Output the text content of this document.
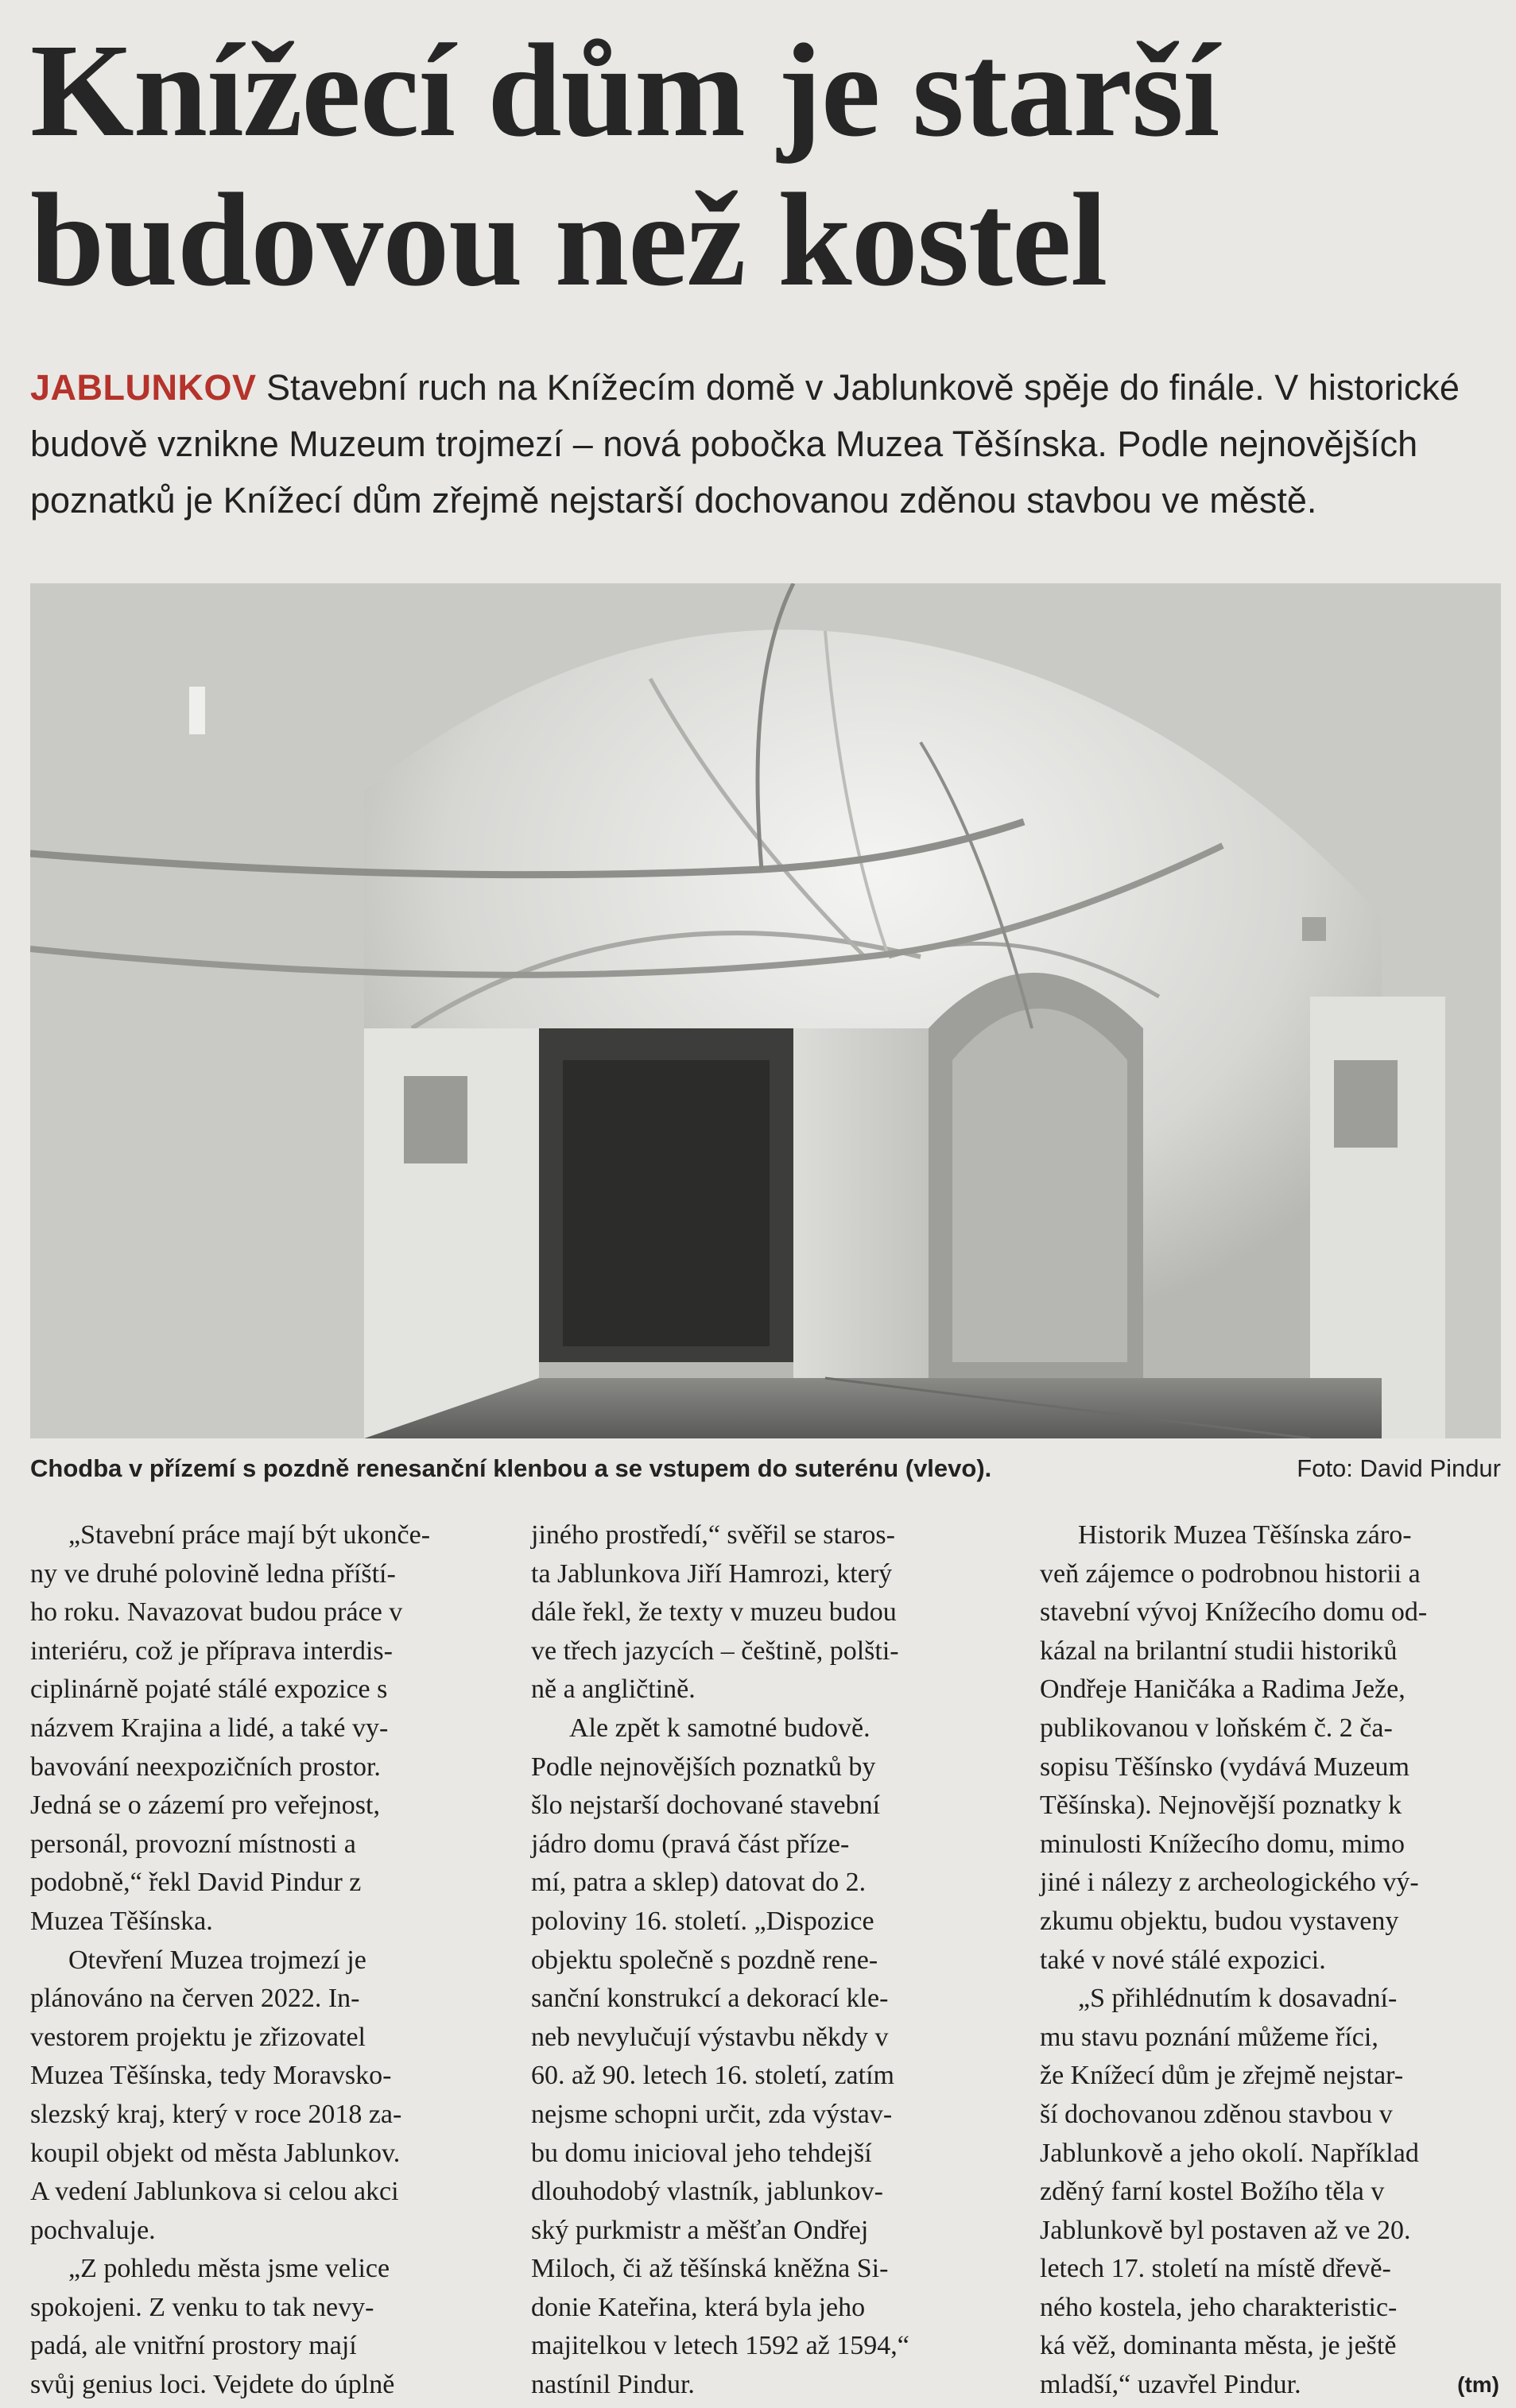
Knížecí dům je starší
budovou než kostel

JABLUNKOV Stavební ruch na Knížecím domě v Jablunkově spěje do finále. V historické
budově vznikne Muzeum trojmezí – nová pobočka Muzea Těšínska. Podle nejnovějších
poznatků je Knížecí dům zřejmě nejstarší dochovanou zděnou stavbou ve městě.

Chodba v přízemí s pozdně renesanční klenbou a se vstupem do suterénu (vlevo).	Foto: David Pindur
„Stavební práce mají být ukonče-
ny ve druhé polovině ledna příští-
ho roku. Navazovat budou práce v
interiéru, což je příprava interdis-
ciplinárně pojaté stálé expozice s
názvem Krajina a lidé, a také vy-
bavování neexpozičních prostor.
Jedná se o zázemí pro veřejnost,
personál, provozní místnosti a
podobně,“ řekl David Pindur z
Muzea Těšínska.
Otevření Muzea trojmezí je
plánováno na červen 2022. In-
vestorem projektu je zřizovatel
Muzea Těšínska, tedy Moravsko-
slezský kraj, který v roce 2018 za-
koupil objekt od města Jablunkov.
A vedení Jablunkova si celou akci
pochvaluje.
„Z pohledu města jsme velice
spokojeni. Z venku to tak nevy-
padá, ale vnitřní prostory mají
svůj genius loci. Vejdete do úplně
jiného prostředí,“ svěřil se staros-
ta Jablunkova Jiří Hamrozi, který
dále řekl, že texty v muzeu budou
ve třech jazycích – češtině, polšti-
ně a angličtině.
Ale zpět k samotné budově.
Podle nejnovějších poznatků by
šlo nejstarší dochované stavební
jádro domu (pravá část příze-
mí, patra a sklep) datovat do 2.
poloviny 16. století. „Dispozice
objektu společně s pozdně rene-
sanční konstrukcí a dekorací kle-
neb nevylučují výstavbu někdy v
60. až 90. letech 16. století, zatím
nejsme schopni určit, zda výstav-
bu domu inicioval jeho tehdejší
dlouhodobý vlastník, jablunkov-
ský purkmistr a měšťan Ondřej
Miloch, či až těšínská kněžna Si-
donie Kateřina, která byla jeho
majitelkou v letech 1592 až 1594,“
nastínil Pindur.
Historik Muzea Těšínska záro-
veň zájemce o podrobnou historii a
stavební vývoj Knížecího domu od-
kázal na brilantní studii historiků
Ondřeje Haničáka a Radima Ježe,
publikovanou v loňském č. 2 ča-
sopisu Těšínsko (vydává Muzeum
Těšínska). Nejnovější poznatky k
minulosti Knížecího domu, mimo
jiné i nálezy z archeologického vý-
zkumu objektu, budou vystaveny
také v nové stálé expozici.
„S přihlédnutím k dosavadní-
mu stavu poznání můžeme říci,
že Knížecí dům je zřejmě nejstar-
ší dochovanou zděnou stavbou v
Jablunkově a jeho okolí. Například
zděný farní kostel Božího těla v
Jablunkově byl postaven až ve 20.
letech 17. století na místě dřevě-
ného kostela, jeho charakteristic-
ká věž, dominanta města, je ještě
mladší,“ uzavřel Pindur.	(tm)
